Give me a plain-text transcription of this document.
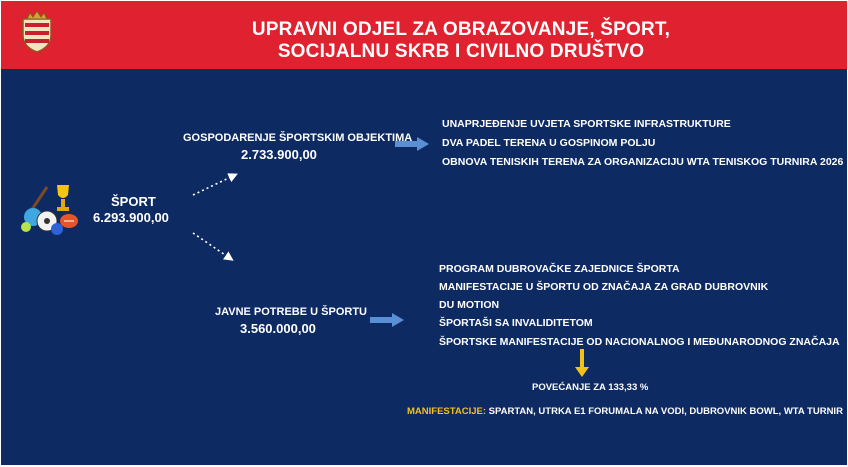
UPRAVNI ODJEL ZA OBRAZOVANJE, ŠPORT,
SOCIJALNU SKRB I CIVILNO DRUŠTVO
ŠPORT
6.293.900,00
GOSPODARENJE ŠPORTSKIM OBJEKTIMA
2.733.900,00
UNAPRJEĐENJE UVJETA SPORTSKE INFRASTRUKTURE
DVA PADEL TERENA U GOSPINOM POLJU
OBNOVA TENISKIH TERENA ZA ORGANIZACIJU WTA TENISKOG TURNIRA 2026
JAVNE POTREBE U ŠPORTU
3.560.000,00
PROGRAM DUBROVAČKE ZAJEDNICE ŠPORTA
MANIFESTACIJE U ŠPORTU OD ZNAČAJA ZA GRAD DUBROVNIK
DU MOTION
ŠPORTAŠI SA INVALIDITETOM
ŠPORTSKE MANIFESTACIJE OD NACIONALNOG I MEĐUNARODNOG ZNAČAJA
POVEĆANJE ZA 133,33 %
MANIFESTACIJE: SPARTAN, UTRKA E1 FORUMALA NA VODI, DUBROVNIK BOWL, WTA TURNIR
